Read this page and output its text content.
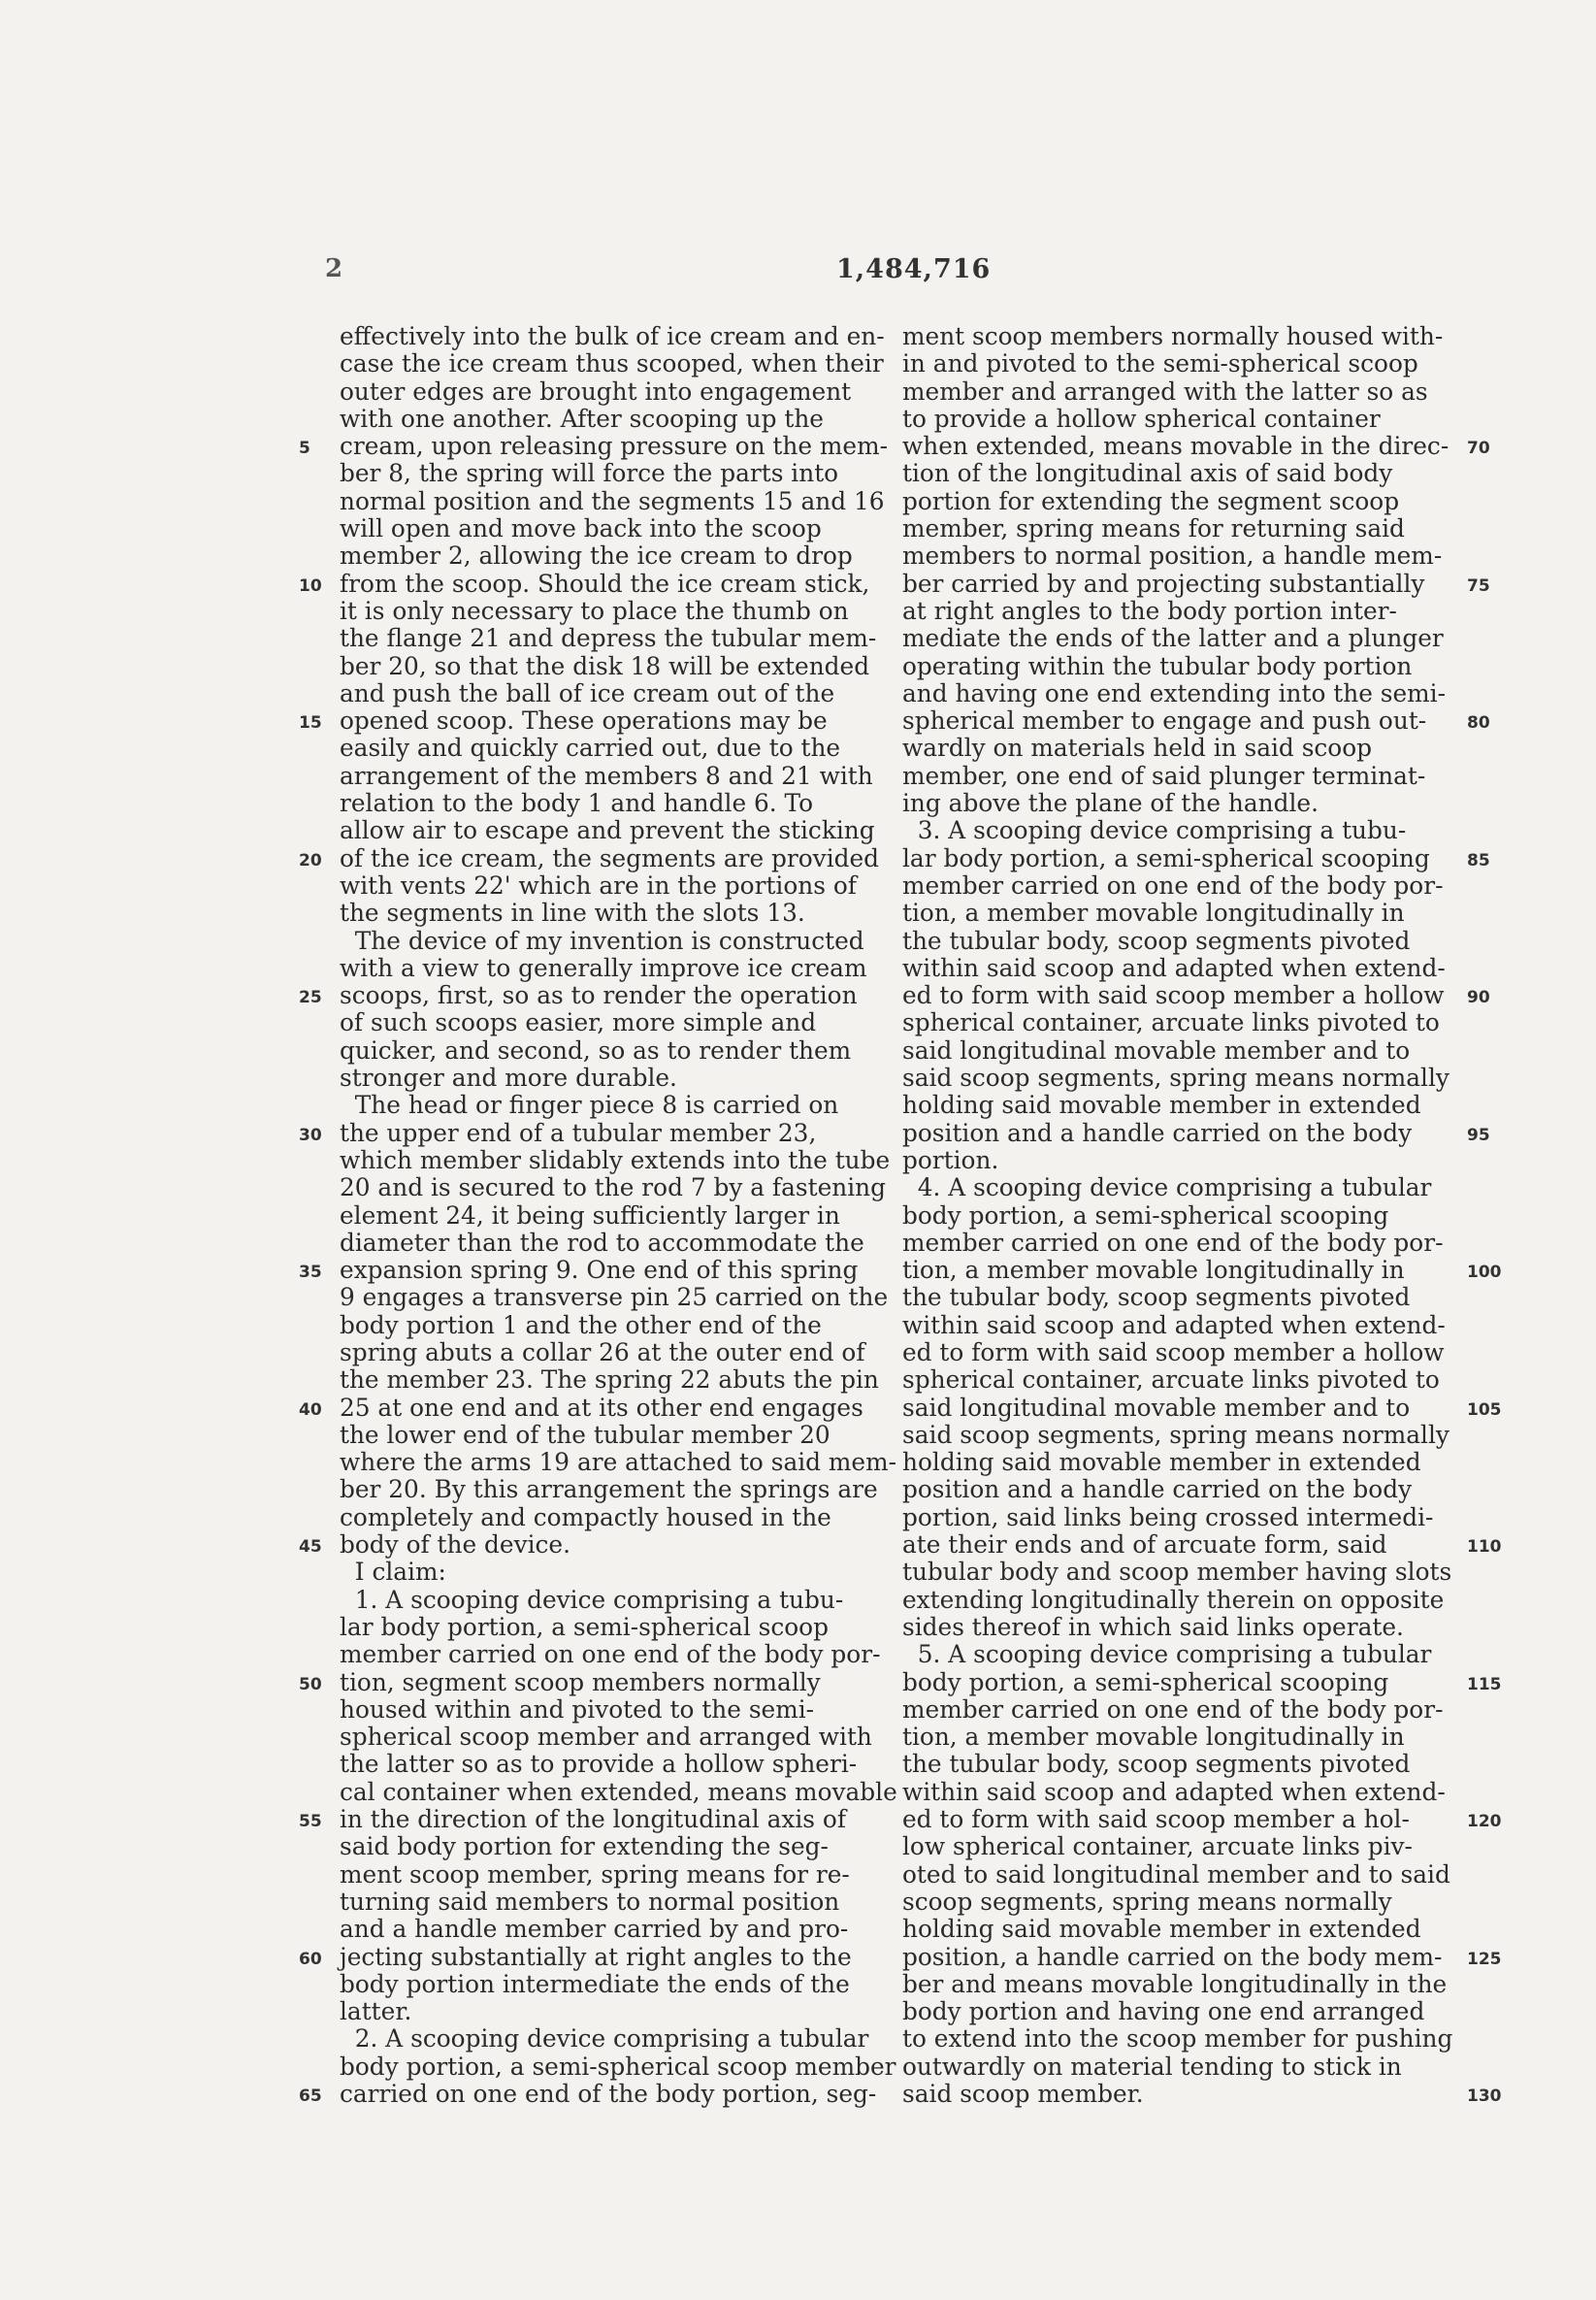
2	1,484,716
effectively into the bulk of ice cream and en-
case the ice cream thus scooped, when their
outer edges are brought into engagement
with one another. After scooping up the
cream, upon releasing pressure on the mem-
ber 8, the spring will force the parts into
normal position and the segments 15 and 16
will open and move back into the scoop
member 2, allowing the ice cream to drop
from the scoop. Should the ice cream stick,
it is only necessary to place the thumb on
the flange 21 and depress the tubular mem-
ber 20, so that the disk 18 will be extended
and push the ball of ice cream out of the
opened scoop. These operations may be
easily and quickly carried out, due to the
arrangement of the members 8 and 21 with
relation to the body 1 and handle 6. To
allow air to escape and prevent the sticking
of the ice cream, the segments are provided
with vents 22' which are in the portions of
the segments in line with the slots 13.
The device of my invention is constructed
with a view to generally improve ice cream
scoops, first, so as to render the operation
of such scoops easier, more simple and
quicker, and second, so as to render them
stronger and more durable.
The head or finger piece 8 is carried on
the upper end of a tubular member 23,
which member slidably extends into the tube
20 and is secured to the rod 7 by a fastening
element 24, it being sufficiently larger in
diameter than the rod to accommodate the
expansion spring 9. One end of this spring
9 engages a transverse pin 25 carried on the
body portion 1 and the other end of the
spring abuts a collar 26 at the outer end of
the member 23. The spring 22 abuts the pin
25 at one end and at its other end engages
the lower end of the tubular member 20
where the arms 19 are attached to said mem-
ber 20. By this arrangement the springs are
completely and compactly housed in the
body of the device.
I claim:
1. A scooping device comprising a tubu-
lar body portion, a semi-spherical scoop
member carried on one end of the body por-
tion, segment scoop members normally
housed within and pivoted to the semi-
spherical scoop member and arranged with
the latter so as to provide a hollow spheri-
cal container when extended, means movable
in the direction of the longitudinal axis of
said body portion for extending the seg-
ment scoop member, spring means for re-
turning said members to normal position
and a handle member carried by and pro-
jecting substantially at right angles to the
body portion intermediate the ends of the
latter.
2. A scooping device comprising a tubular
body portion, a semi-spherical scoop member
carried on one end of the body portion, seg-
ment scoop members normally housed with-
in and pivoted to the semi-spherical scoop
member and arranged with the latter so as
to provide a hollow spherical container
when extended, means movable in the direc-
tion of the longitudinal axis of said body
portion for extending the segment scoop
member, spring means for returning said
members to normal position, a handle mem-
ber carried by and projecting substantially
at right angles to the body portion inter-
mediate the ends of the latter and a plunger
operating within the tubular body portion
and having one end extending into the semi-
spherical member to engage and push out-
wardly on materials held in said scoop
member, one end of said plunger terminat-
ing above the plane of the handle.
3. A scooping device comprising a tubu-
lar body portion, a semi-spherical scooping
member carried on one end of the body por-
tion, a member movable longitudinally in
the tubular body, scoop segments pivoted
within said scoop and adapted when extend-
ed to form with said scoop member a hollow
spherical container, arcuate links pivoted to
said longitudinal movable member and to
said scoop segments, spring means normally
holding said movable member in extended
position and a handle carried on the body
portion.
4. A scooping device comprising a tubular
body portion, a semi-spherical scooping
member carried on one end of the body por-
tion, a member movable longitudinally in
the tubular body, scoop segments pivoted
within said scoop and adapted when extend-
ed to form with said scoop member a hollow
spherical container, arcuate links pivoted to
said longitudinal movable member and to
said scoop segments, spring means normally
holding said movable member in extended
position and a handle carried on the body
portion, said links being crossed intermedi-
ate their ends and of arcuate form, said
tubular body and scoop member having slots
extending longitudinally therein on opposite
sides thereof in which said links operate.
5. A scooping device comprising a tubular
body portion, a semi-spherical scooping
member carried on one end of the body por-
tion, a member movable longitudinally in
the tubular body, scoop segments pivoted
within said scoop and adapted when extend-
ed to form with said scoop member a hol-
low spherical container, arcuate links piv-
oted to said longitudinal member and to said
scoop segments, spring means normally
holding said movable member in extended
position, a handle carried on the body mem-
ber and means movable longitudinally in the
body portion and having one end arranged
to extend into the scoop member for pushing
outwardly on material tending to stick in
said scoop member.
5
10
15
20
25
30
35
40
45
50
55
60
65
70
75
80
85
90
95
100
105
110
115
120
125
130
